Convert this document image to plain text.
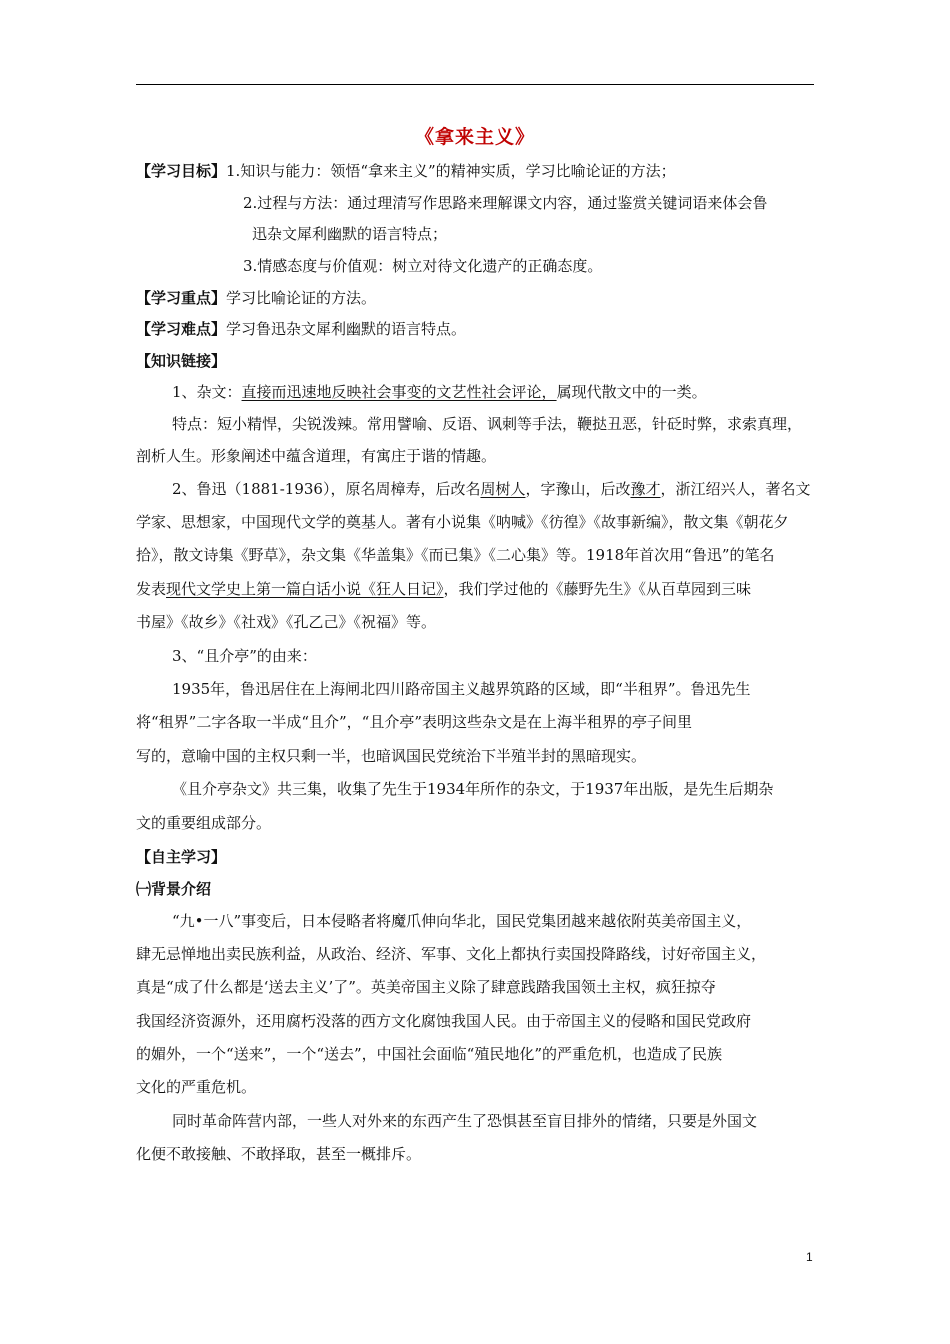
《拿来主义》
【学习目标】1.知识与能力：领悟“拿来主义”的精神实质，学习比喻论证的方法；
2.过程与方法：通过理清写作思路来理解课文内容，通过鉴赏关键词语来体会鲁
迅杂文犀利幽默的语言特点；
3.情感态度与价值观：树立对待文化遗产的正确态度。
【学习重点】学习比喻论证的方法。
【学习难点】学习鲁迅杂文犀利幽默的语言特点。
【知识链接】
1、杂文：直接而迅速地反映社会事变的文艺性社会评论，属现代散文中的一类。
特点：短小精悍，尖锐泼辣。常用譬喻、反语、讽刺等手法，鞭挞丑恶，针砭时弊，求索真理，
剖析人生。形象阐述中蕴含道理，有寓庄于谐的情趣。
2、鲁迅（1881-1936），原名周樟寿，后改名周树人，字豫山，后改豫才，浙江绍兴人，著名文
学家、思想家，中国现代文学的奠基人。著有小说集《呐喊》《彷徨》《故事新编》，散文集《朝花夕
拾》，散文诗集《野草》，杂文集《华盖集》《而已集》《二心集》等。1918年首次用“鲁迅”的笔名
发表现代文学史上第一篇白话小说《狂人日记》，我们学过他的《藤野先生》《从百草园到三味
书屋》《故乡》《社戏》《孔乙己》《祝福》等。
3、“且介亭”的由来：
1935年，鲁迅居住在上海闸北四川路帝国主义越界筑路的区域，即“半租界”。鲁迅先生
将“租界”二字各取一半成“且介”，“且介亭”表明这些杂文是在上海半租界的亭子间里
写的，意喻中国的主权只剩一半，也暗讽国民党统治下半殖半封的黑暗现实。
《且介亭杂文》共三集，收集了先生于1934年所作的杂文，于1937年出版，是先生后期杂
文的重要组成部分。
【自主学习】
㈠背景介绍
“九•一八”事变后，日本侵略者将魔爪伸向华北，国民党集团越来越依附英美帝国主义，
肆无忌惮地出卖民族利益，从政治、经济、军事、文化上都执行卖国投降路线，讨好帝国主义，
真是“成了什么都是‘送去主义’了”。英美帝国主义除了肆意践踏我国领土主权，疯狂掠夺
我国经济资源外，还用腐朽没落的西方文化腐蚀我国人民。由于帝国主义的侵略和国民党政府
的媚外，一个“送来”，一个“送去”，中国社会面临“殖民地化”的严重危机，也造成了民族
文化的严重危机。
同时革命阵营内部，一些人对外来的东西产生了恐惧甚至盲目排外的情绪，只要是外国文
化便不敢接触、不敢择取，甚至一概排斥。
1
